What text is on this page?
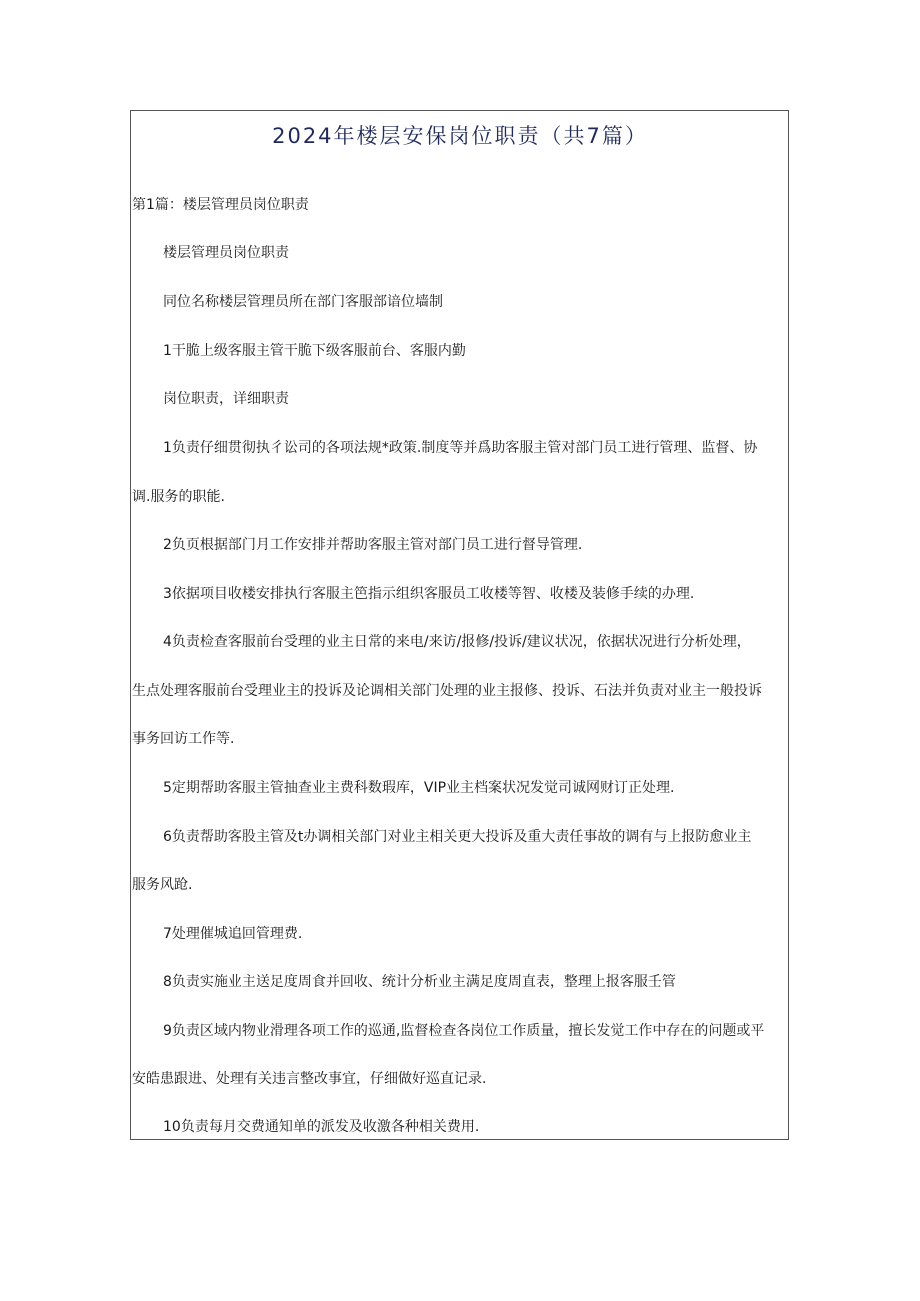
2024年楼层安保岗位职责（共7篇）
第1篇：楼层管理员岗位职责
楼层管理员岗位职责
同位名称楼层管理员所在部门客服部谙位墙制
1干脆上级客服主管干脆下级客服前台、客服内勤
岗位职责，详细职责
1负责仔细贯彻执彳讼司的各项法规*政策.制度等并爲助客服主管对部门员工进行管理、监督、协
调.服务的职能.
2负页根据部门月工作安排并帮助客服主管对部门员工进行督导管理.
3依据项目收楼安排执行客服主笆指示组织客服员工收楼等智、收楼及装修手续的办理.
4负责检查客服前台受理的业主日常的来电/来访/报修/投诉/建议状况，依据状况进行分析处理，
生点处理客服前台受理业主的投诉及论调相关部门处理的业主报修、投诉、石法并负责对业主一般投诉
事务回访工作等.
5定期帮助客服主管抽查业主费科数瑕库，VIP业主档案状况发觉司诚网财订正处理.
6负责帮助客股主管及t办调相关部门对业主相关更大投诉及重大责任事故的调有与上报防愈业主
服务风跄.
7处理催城追回管理费.
8负责实施业主送足度周食并回收、统计分析业主满足度周直表，整理上报客服壬管
9负责区域内物业滑理各项工作的巡通,监督检查各岗位工作质量，擅长发觉工作中存在的问题或平
安皓患跟进、处理有关违言整改事宜，仔细做好巡直记录.
10负责每月交费通知单的派发及收激各种相关费用.
